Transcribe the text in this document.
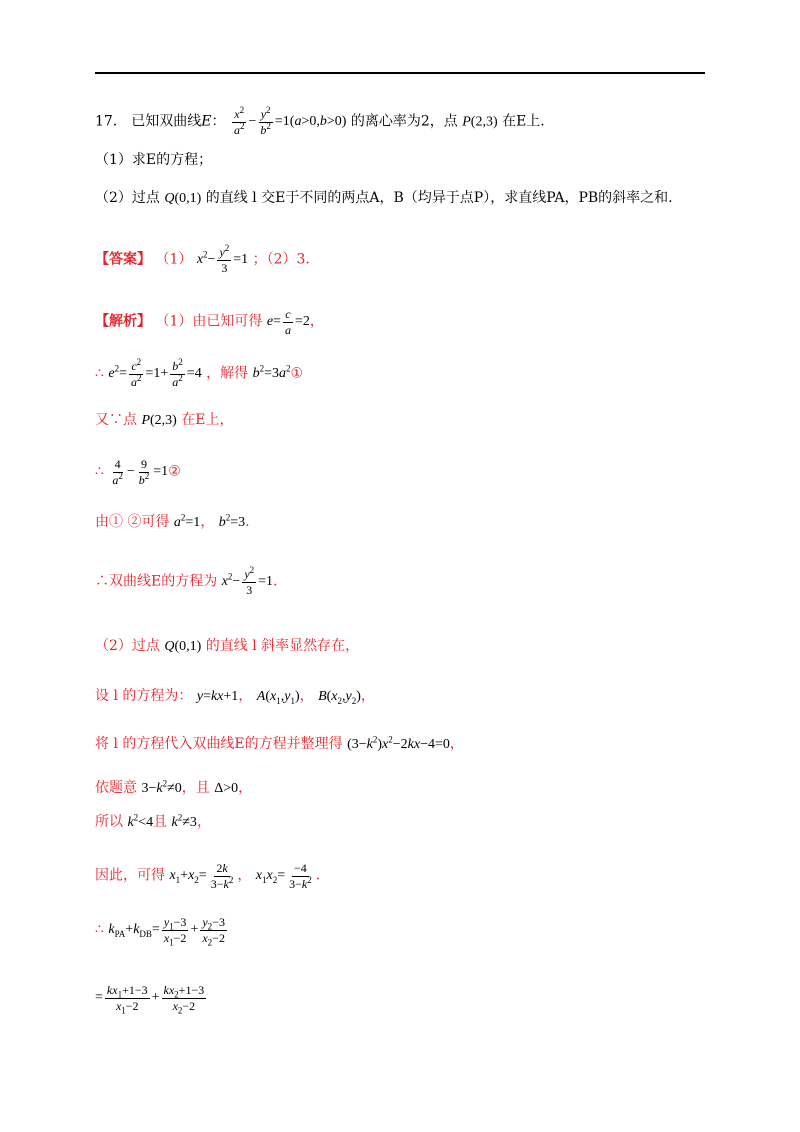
17． 已知双曲线E： $\frac{x^2}{a^2} - \frac{y^2}{b^2} =1(a>0,b>0)$ 的离心率为2，点 P(2,3) 在E上.
（1）求E的方程；
（2）过点 Q(0,1) 的直线 l 交E于不同的两点A，B（均异于点P），求直线PA，PB的斜率之和.
【答案】 （1） $x^2- \frac{y^2}{3} =1$ ；（2）3．
【解析】 （1）由已知可得 $e= \frac{c}{a} =2$，
∴ $e^2= \frac{c^2}{a^2} =1+ \frac{b^2}{a^2} =4$ ，解得 $b^2=3a^2①$
又∵点 P(2,3) 在E上，
∴ $\frac{4}{a^2} - \frac{9}{b^2}$ =1②
由① ②可得 $a^2=1$， $b^2=3$.
∴双曲线E的方程为 $x^2- \frac{y^2}{3} =1$.
（2）过点 Q(0,1) 的直线 l 斜率显然存在，
设 l 的方程为： y=kx+1， $A(x_1,y_1)$， $B(x_2,y_2)$，
将 l 的方程代入双曲线E的方程并整理得 $(3-k^2)x^2-2kx-4=0$，
依题意 $3-k^2\ne 0$，且 Δ>0，
所以 $k^2<4$且 $k^2\ne 3$，
因此，可得 $x_1+x_2= \frac{2k}{3-k^2}$ ， $x_1x_2= \frac{-4}{3-k^2}$ .
∴ $k_{PA}+k_{DB}= \frac{y_1-3}{x_1-2} + \frac{y_2-3}{x_2-2}$
= $\frac{kx_1+1-3}{x_1-2} + \frac{kx_2+1-3}{x_2-2}$
